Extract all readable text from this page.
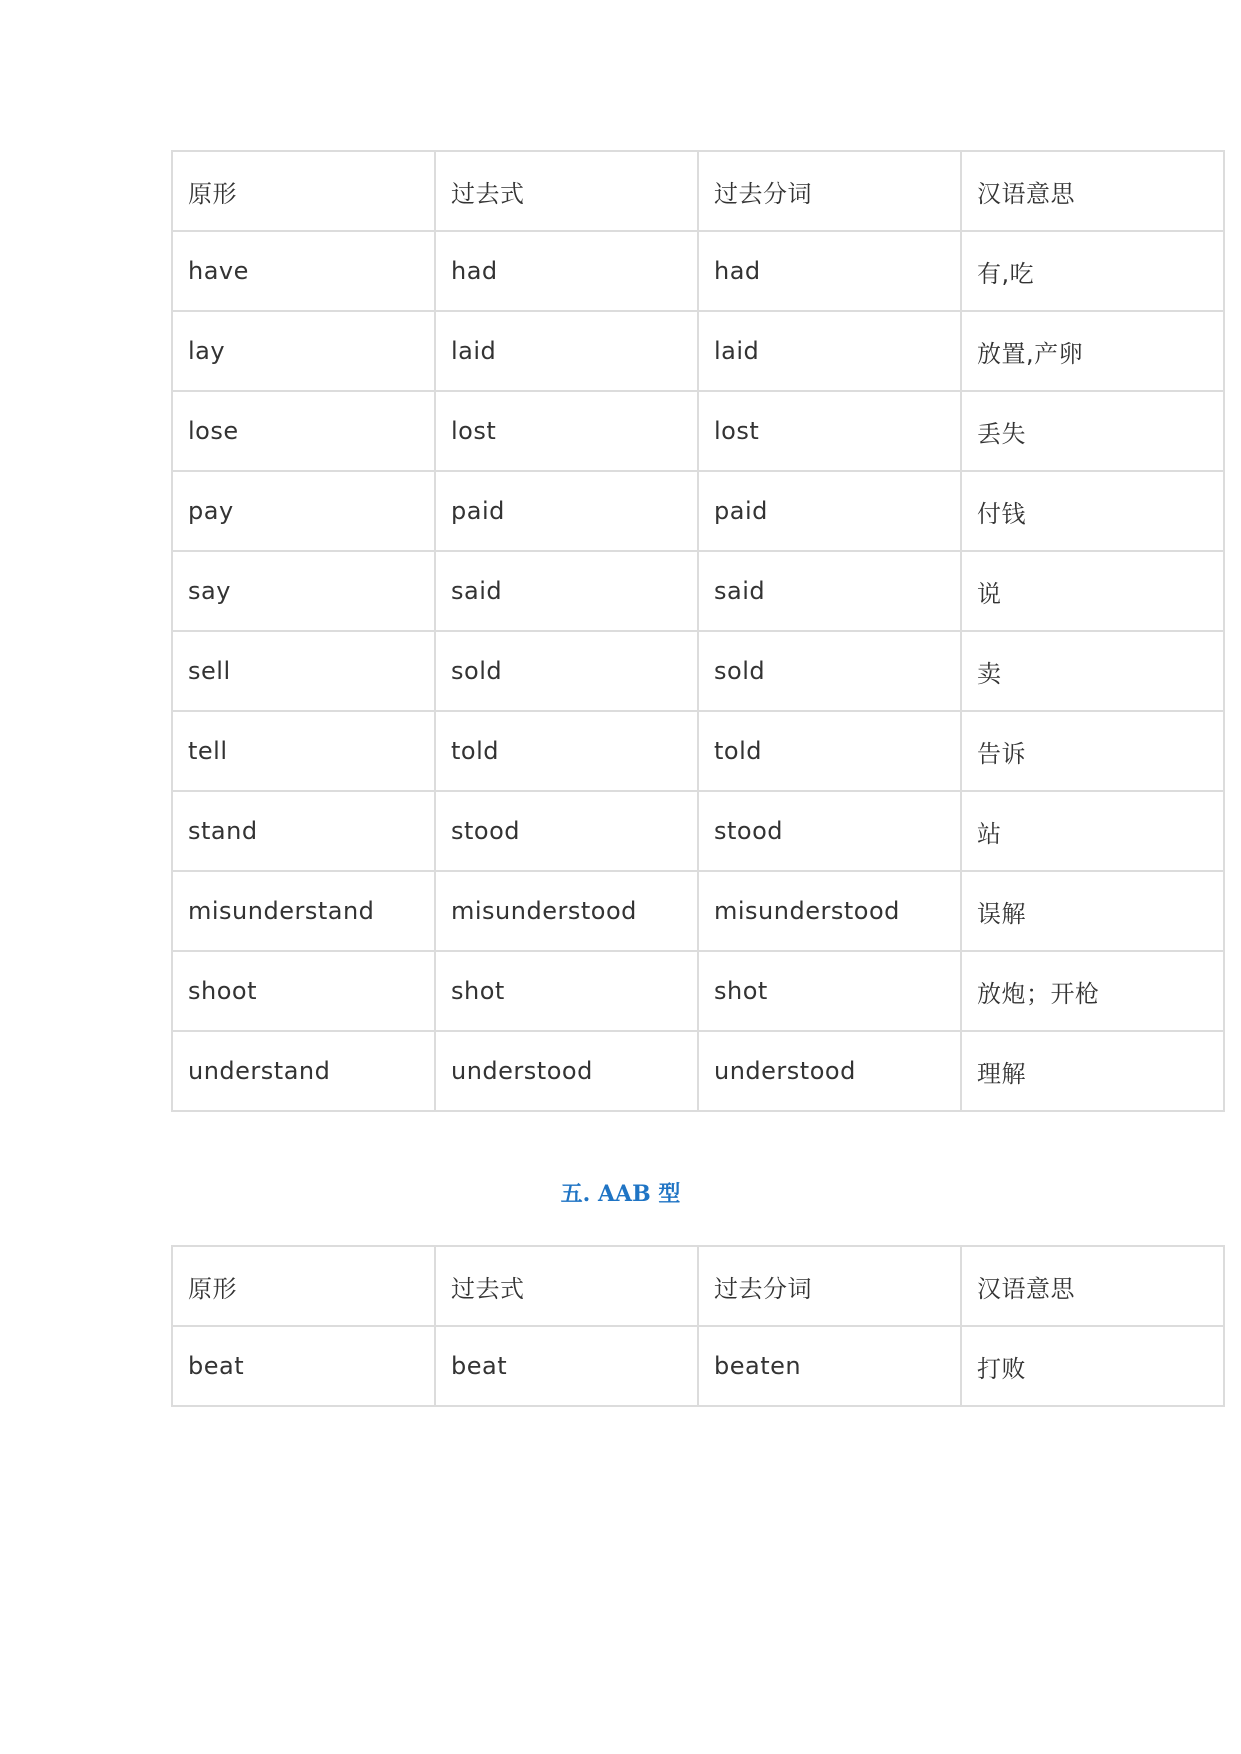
原形	过去式	过去分词	汉语意思
have	had	had	有,吃
lay	laid	laid	放置,产卵
lose	lost	lost	丢失
pay	paid	paid	付钱
say	said	said	说
sell	sold	sold	卖
tell	told	told	告诉
stand	stood	stood	站
misunderstand	misunderstood	misunderstood	误解
shoot	shot	shot	放炮；开枪
understand	understood	understood	理解
五. AAB 型
原形	过去式	过去分词	汉语意思
beat	beat	beaten	打败
